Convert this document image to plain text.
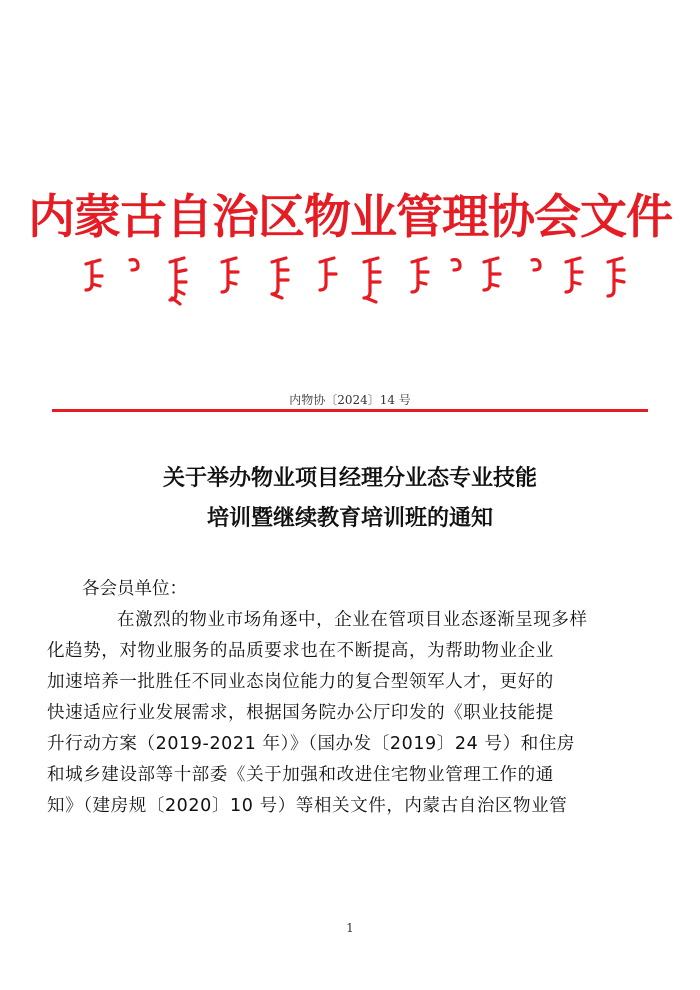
内蒙古自治区物业管理协会文件
内物协〔2024〕14 号
关于举办物业项目经理分业态专业技能
培训暨继续教育培训班的通知

各会员单位：

在激烈的物业市场角逐中，企业在管项目业态逐渐呈现多样
化趋势，对物业服务的品质要求也在不断提高，为帮助物业企业
加速培养一批胜任不同业态岗位能力的复合型领军人才，更好的
快速适应行业发展需求，根据国务院办公厅印发的《职业技能提
升行动方案（2019-2021 年）》（国办发〔2019〕24 号）和住房
和城乡建设部等十部委《关于加强和改进住宅物业管理工作的通
知》（建房规〔2020〕10 号）等相关文件，内蒙古自治区物业管
1
